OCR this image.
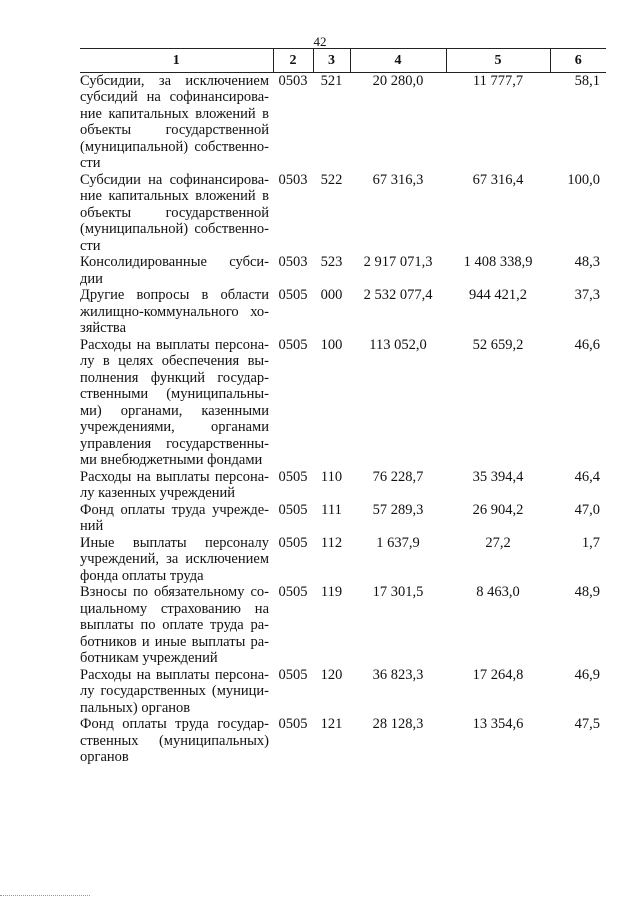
42
1	2	3	4	5	6
Субсидии, за исключением субсидий на софинансирова-ние капитальных вложений в объекты государственной (муниципальной) собственно-сти	0503	521	20 280,0	11 777,7	58,1
Субсидии на софинансирова-ние капитальных вложений в объекты государственной (муниципальной) собственно-сти	0503	522	67 316,3	67 316,4	100,0
Консолидированные субси-дии	0503	523	2 917 071,3	1 408 338,9	48,3
Другие вопросы в области жилищно-коммунального хо-зяйства	0505	000	2 532 077,4	944 421,2	37,3
Расходы на выплаты персона-лу в целях обеспечения вы-полнения функций государ-ственными (муниципальны-ми) органами, казенными учреждениями, органами управления государственны-ми внебюджетными фондами	0505	100	113 052,0	52 659,2	46,6
Расходы на выплаты персона-лу казенных учреждений	0505	110	76 228,7	35 394,4	46,4
Фонд оплаты труда учрежде-ний	0505	111	57 289,3	26 904,2	47,0
Иные выплаты персоналу учреждений, за исключением фонда оплаты труда	0505	112	1 637,9	27,2	1,7
Взносы по обязательному со-циальному страхованию на выплаты по оплате труда ра-ботников и иные выплаты ра-ботникам учреждений	0505	119	17 301,5	8 463,0	48,9
Расходы на выплаты персона-лу государственных (муници-пальных) органов	0505	120	36 823,3	17 264,8	46,9
Фонд оплаты труда государ-ственных (муниципальных) органов	0505	121	28 128,3	13 354,6	47,5
